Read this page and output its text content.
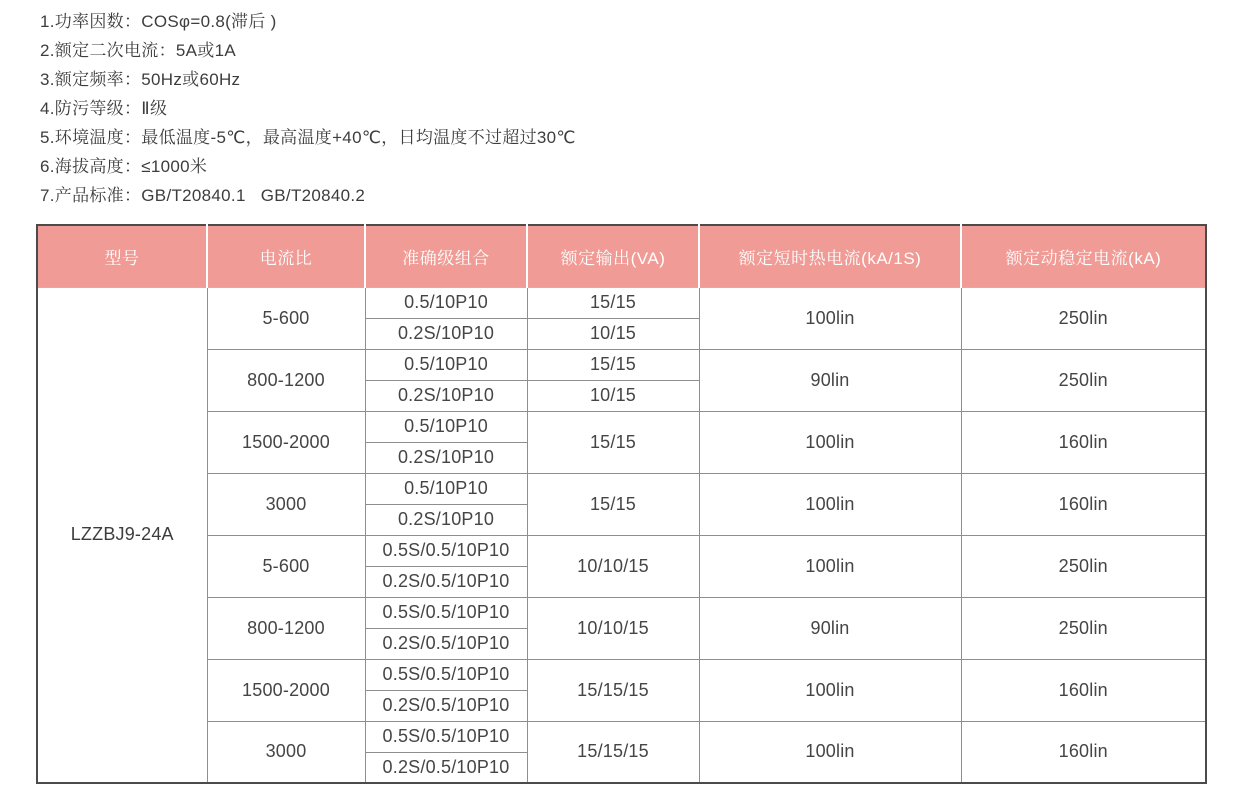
1.功率因数：COSφ=0.8(滞后 )
2.额定二次电流：5A或1A
3.额定频率：50Hz或60Hz
4.防污等级：Ⅱ级
5.环境温度：最低温度-5℃，最高温度+40℃，日均温度不过超过30℃
6.海拔高度：≤1000米
7.产品标准：GB/T20840.1   GB/T20840.2
型号	电流比	准确级组合	额定输出(VA)	额定短时热电流(kA/1S)	额定动稳定电流(kA)
LZZBJ9-24A	5-600	0.5/10P10	15/15	100lin	250lin
		0.2S/10P10	10/15		
	800-1200	0.5/10P10	15/15	90lin	250lin
		0.2S/10P10	10/15		
	1500-2000	0.5/10P10	15/15	100lin	160lin
		0.2S/10P10			
	3000	0.5/10P10	15/15	100lin	160lin
		0.2S/10P10			
	5-600	0.5S/0.5/10P10	10/10/15	100lin	250lin
		0.2S/0.5/10P10			
	800-1200	0.5S/0.5/10P10	10/10/15	90lin	250lin
		0.2S/0.5/10P10			
	1500-2000	0.5S/0.5/10P10	15/15/15	100lin	160lin
		0.2S/0.5/10P10			
	3000	0.5S/0.5/10P10	15/15/15	100lin	160lin
		0.2S/0.5/10P10			
